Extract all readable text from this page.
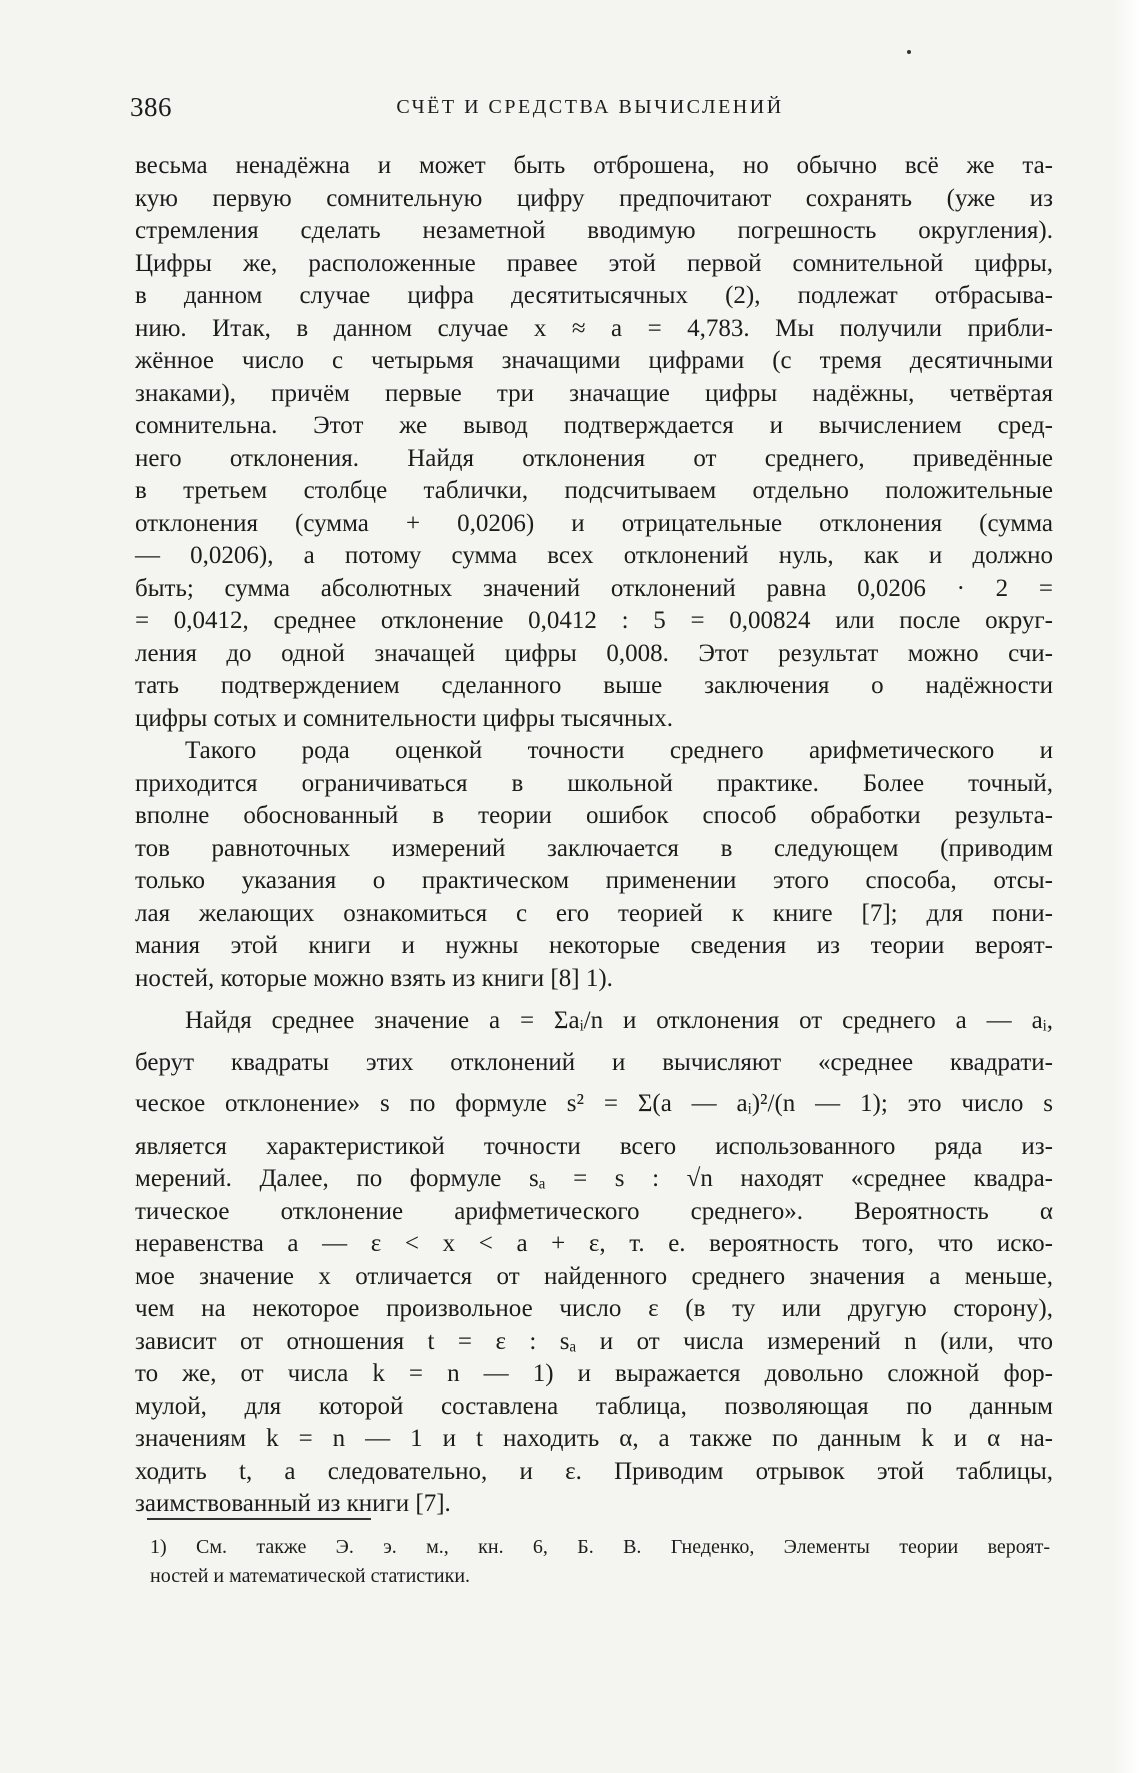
386	СЧЁТ И СРЕДСТВА ВЫЧИСЛЕНИЙ
весьма ненадёжна и может быть отброшена, но обычно всё же та-
кую первую сомнительную цифру предпочитают сохранять (уже из
стремления сделать незаметной вводимую погрешность округления).
Цифры же, расположенные правее этой первой сомнительной цифры,
в данном случае цифра десятитысячных (2), подлежат отбрасыва-
нию. Итак, в данном случае x ≈ a = 4,783. Мы получили прибли-
жённое число с четырьмя значащими цифрами (с тремя десятичными
знаками), причём первые три значащие цифры надёжны, четвёртая
сомнительна. Этот же вывод подтверждается и вычислением сред-
него отклонения. Найдя отклонения от среднего, приведённые
в третьем столбце таблички, подсчитываем отдельно положительные
отклонения (сумма + 0,0206) и отрицательные отклонения (сумма
— 0,0206), а потому сумма всех отклонений нуль, как и должно
быть; сумма абсолютных значений отклонений равна 0,0206 · 2 =
= 0,0412, среднее отклонение 0,0412 : 5 = 0,00824 или после округ-
ления до одной значащей цифры 0,008. Этот результат можно счи-
тать подтверждением сделанного выше заключения о надёжности
цифры сотых и сомнительности цифры тысячных.
Такого рода оценкой точности среднего арифметического и
приходится ограничиваться в школьной практике. Более точный,
вполне обоснованный в теории ошибок способ обработки результа-
тов равноточных измерений заключается в следующем (приводим
только указания о практическом применении этого способа, отсы-
лая желающих ознакомиться с его теорией к книге [7]; для пони-
мания этой книги и нужны некоторые сведения из теории вероят-
ностей, которые можно взять из книги [8] 1).
Найдя среднее значение a = Σaᵢ/n и отклонения от среднего a — aᵢ,
берут квадраты этих отклонений и вычисляют «среднее квадрати-
ческое отклонение» s по формуле s² = Σ(a — aᵢ)²/(n — 1); это число s
является характеристикой точности всего использованного ряда из-
мерений. Далее, по формуле sₐ = s : √n находят «среднее квадра-
тическое отклонение арифметического среднего». Вероятность α
неравенства a — ε < x < a + ε, т. е. вероятность того, что иско-
мое значение x отличается от найденного среднего значения a меньше,
чем на некоторое произвольное число ε (в ту или другую сторону),
зависит от отношения t = ε : sₐ и от числа измерений n (или, что
то же, от числа k = n — 1) и выражается довольно сложной фор-
мулой, для которой составлена таблица, позволяющая по данным
значениям k = n — 1 и t находить α, а также по данным k и α на-
ходить t, а следовательно, и ε. Приводим отрывок этой таблицы,
заимствованный из книги [7].
1) См. также Э. э. м., кн. 6, Б. В. Гнеденко, Элементы теории вероят-
ностей и математической статистики.
